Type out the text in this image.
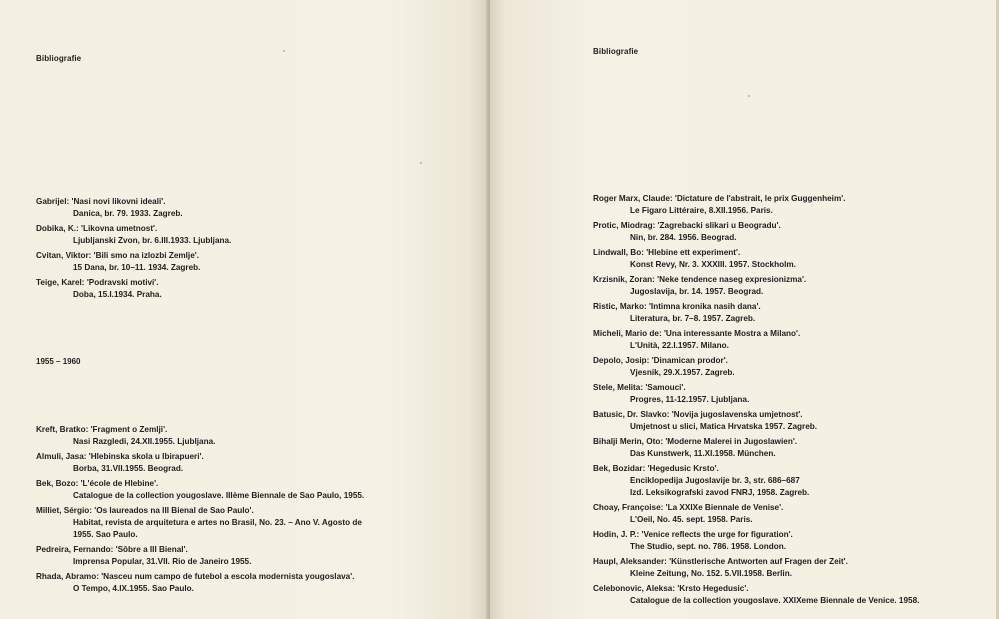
Bibliografie

Gabrijel: 'Nasi novi likovni ideali'.
Danica, br. 79. 1933. Zagreb.

Dobika, K.: 'Likovna umetnost'.
Ljubljanski Zvon, br. 6.III.1933. Ljubljana.

Cvitan, Viktor: 'Bili smo na izlozbi Zemlje'.
15 Dana, br. 10–11. 1934. Zagreb.

Teige, Karel: 'Podravski motivi'.
Doba, 15.I.1934. Praha.

1955 – 1960

Kreft, Bratko: 'Fragment o Zemlji'.
Nasi Razgledi, 24.XII.1955. Ljubljana.

Almuli, Jasa: 'Hlebinska skola u Ibirapueri'.
Borba, 31.VII.1955. Beograd.

Bek, Bozo: 'L'école de Hlebine'.
Catalogue de la collection yougoslave. IIIème Biennale de Sao Paulo, 1955.

Milliet, Sérgio: 'Os laureados na III Bienal de Sao Paulo'.
Habitat, revista de arquitetura e artes no Brasil, No. 23. – Ano V. Agosto de
1955. Sao Paulo.

Pedreira, Fernando: 'Sôbre a III Bienal'.
Imprensa Popular, 31.VII. Rio de Janeiro 1955.

Rhada, Abramo: 'Nasceu num campo de futebol a escola modernista yougoslava'.
O Tempo, 4.IX.1955. Sao Paulo.

Bibliografie

Roger Marx, Claude: 'Dictature de l'abstrait, le prix Guggenheim'.
Le Figaro Littéraire, 8.XII.1956. Paris.

Protic, Miodrag: 'Zagrebacki slikari u Beogradu'.
Nin, br. 284. 1956. Beograd.

Lindwall, Bo: 'Hlebine ett experiment'.
Konst Revy, Nr. 3. XXXIII. 1957. Stockholm.

Krzisnik, Zoran: 'Neke tendence naseg expresionizma'.
Jugoslavija, br. 14. 1957. Beograd.

Ristic, Marko: 'Intimna kronika nasih dana'.
Literatura, br. 7–8. 1957. Zagreb.

Micheli, Mario de: 'Una interessante Mostra a Milano'.
L'Unità, 22.I.1957. Milano.

Depolo, Josip: 'Dinamican prodor'.
Vjesnik, 29.X.1957. Zagreb.

Stele, Melita: 'Samouci'.
Progres, 11-12.1957. Ljubljana.

Batusic, Dr. Slavko: 'Novija jugoslavenska umjetnost'.
Umjetnost u slici, Matica Hrvatska 1957. Zagreb.

Bihalji Merin, Oto: 'Moderne Malerei in Jugoslawien'.
Das Kunstwerk, 11.XI.1958. München.

Bek, Bozidar: 'Hegedusic Krsto'.
Enciklopedija Jugoslavije br. 3, str. 686–687
Izd. Leksikografski zavod FNRJ, 1958. Zagreb.

Choay, Françoise: 'La XXIXe Biennale de Venise'.
L'Oeil, No. 45. sept. 1958. Paris.

Hodin, J. P.: 'Venice reflects the urge for figuration'.
The Studio, sept. no. 786. 1958. London.

Haupl, Aleksander: 'Künstlerische Antworten auf Fragen der Zeit'.
Kleine Zeitung, No. 152. 5.VII.1958. Berlin.

Celebonovic, Aleksa: 'Krsto Hegedusic'.
Catalogue de la collection yougoslave. XXIXeme Biennale de Venice. 1958.
